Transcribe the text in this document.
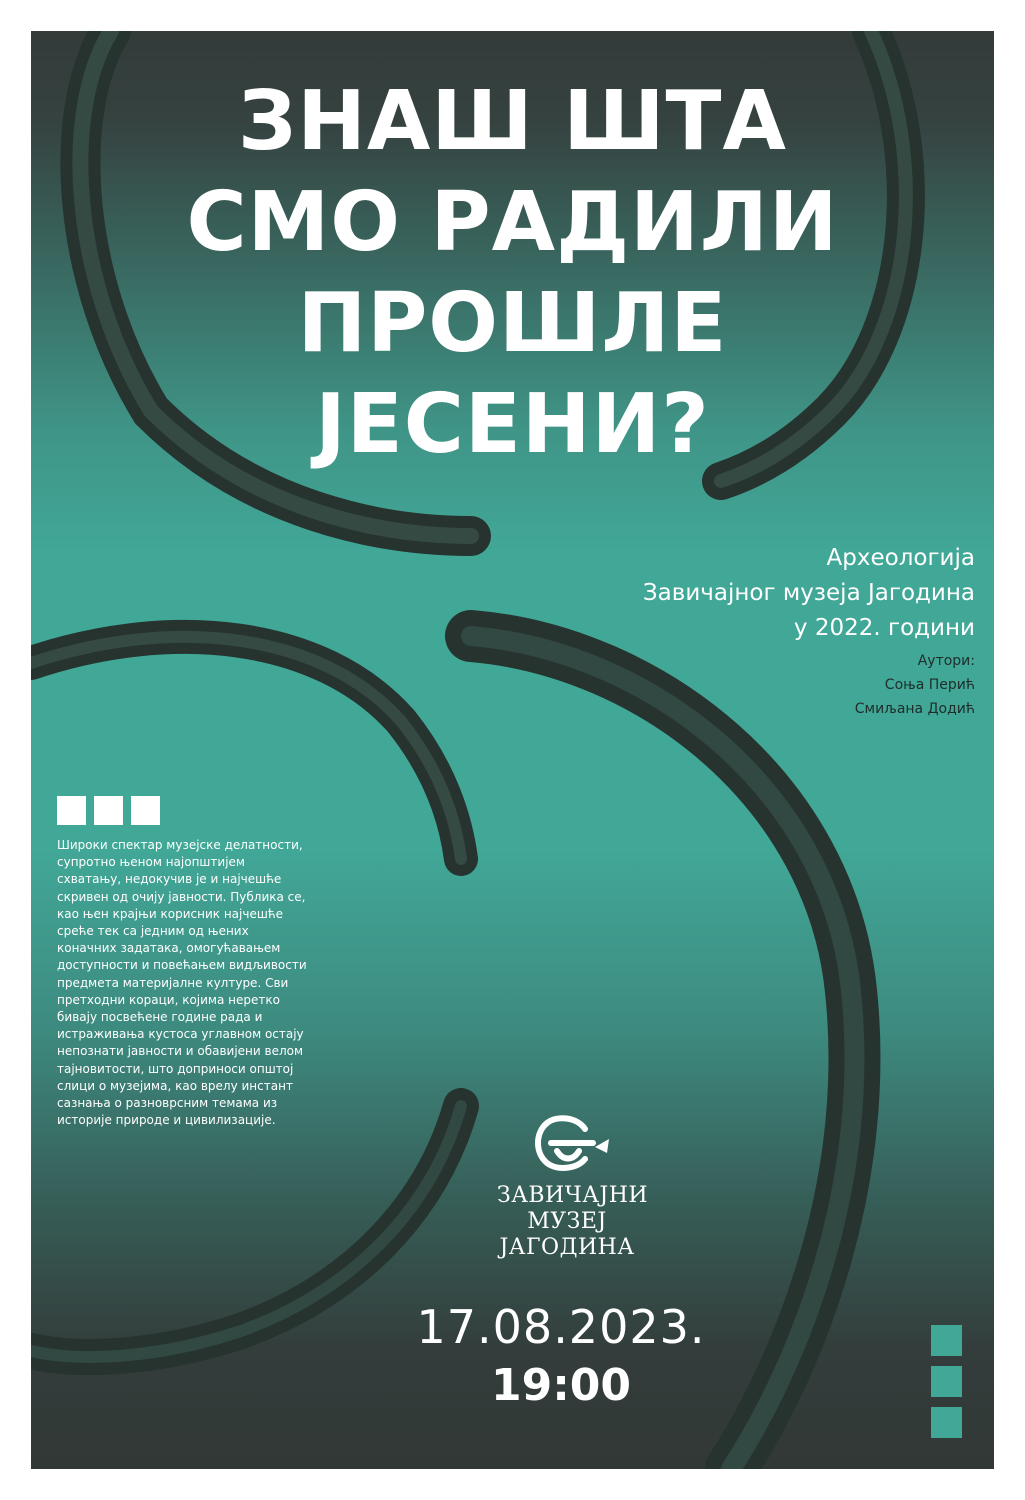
ЗНАШ ШТА
СМО РАДИЛИ
ПРОШЛЕ
ЈЕСЕНИ?
Археологија
Завичајног музеја Јагодина
у 2022. години
Аутори:
Соња Перић
Смиљана Додић

Широки спектар музејске делатности, супротно њеном најопштијем схватању, недокучив је и најчешће скривен од очију јавности. Публика се, као њен крајњи корисник најчешће среће тек са једним од њених коначних задатака, омогућавањем доступности и повећањем видљивости предмета материјалне културе. Сви претходни кораци, којима неретко бивају посвећене године рада и истраживања кустоса углавном остају непознати јавности и обавијени велом тајновитости, што доприноси општој слици о музејима, као врелу инстант сазнања о разноврсним темама из историје природе и цивилизације.

ЗАВИЧАЈНИ
МУЗЕЈ
ЈАГОДИНА
17.08.2023.
19:00
